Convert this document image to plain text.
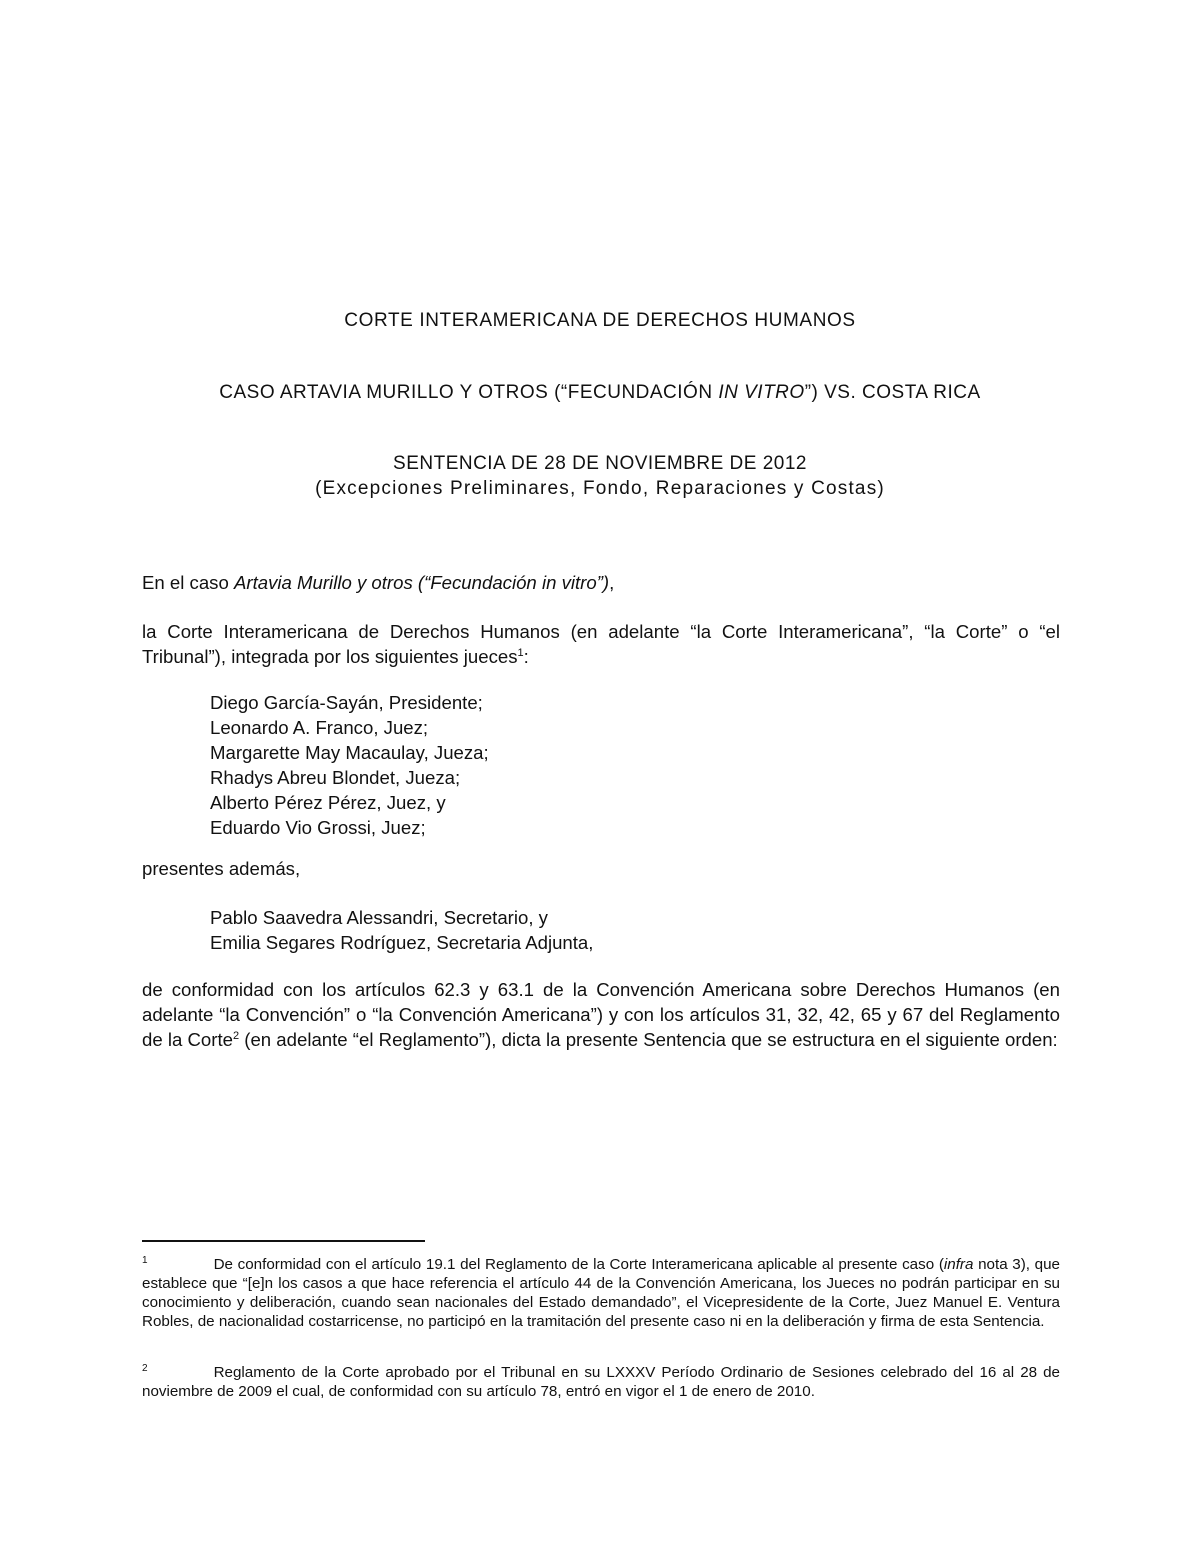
CORTE INTERAMERICANA DE DERECHOS HUMANOS
CASO ARTAVIA MURILLO Y OTROS (“FECUNDACIÓN IN VITRO”) VS. COSTA RICA
SENTENCIA DE 28 DE NOVIEMBRE DE 2012
(Excepciones Preliminares, Fondo, Reparaciones y Costas)
En el caso Artavia Murillo y otros (“Fecundación in vitro”),
la Corte Interamericana de Derechos Humanos (en adelante “la Corte Interamericana”, “la Corte” o “el Tribunal”), integrada por los siguientes jueces$^1$:
Diego García-Sayán, Presidente;
Leonardo A. Franco, Juez;
Margarette May Macaulay, Jueza;
Rhadys Abreu Blondet, Jueza;
Alberto Pérez Pérez, Juez, y
Eduardo Vio Grossi, Juez;
presentes además,
Pablo Saavedra Alessandri, Secretario, y
Emilia Segares Rodríguez, Secretaria Adjunta,
de conformidad con los artículos 62.3 y 63.1 de la Convención Americana sobre Derechos Humanos (en adelante “la Convención” o “la Convención Americana”) y con los artículos 31, 32, 42, 65 y 67 del Reglamento de la Corte$^2$ (en adelante “el Reglamento”), dicta la presente Sentencia que se estructura en el siguiente orden:
$^1$	De conformidad con el artículo 19.1 del Reglamento de la Corte Interamericana aplicable al presente caso (infra nota 3), que establece que “[e]n los casos a que hace referencia el artículo 44 de la Convención Americana, los Jueces no podrán participar en su conocimiento y deliberación, cuando sean nacionales del Estado demandado”, el Vicepresidente de la Corte, Juez Manuel E. Ventura Robles, de nacionalidad costarricense, no participó en la tramitación del presente caso ni en la deliberación y firma de esta Sentencia.
$^2$	Reglamento de la Corte aprobado por el Tribunal en su LXXXV Período Ordinario de Sesiones celebrado del 16 al 28 de noviembre de 2009 el cual, de conformidad con su artículo 78, entró en vigor el 1 de enero de 2010.
